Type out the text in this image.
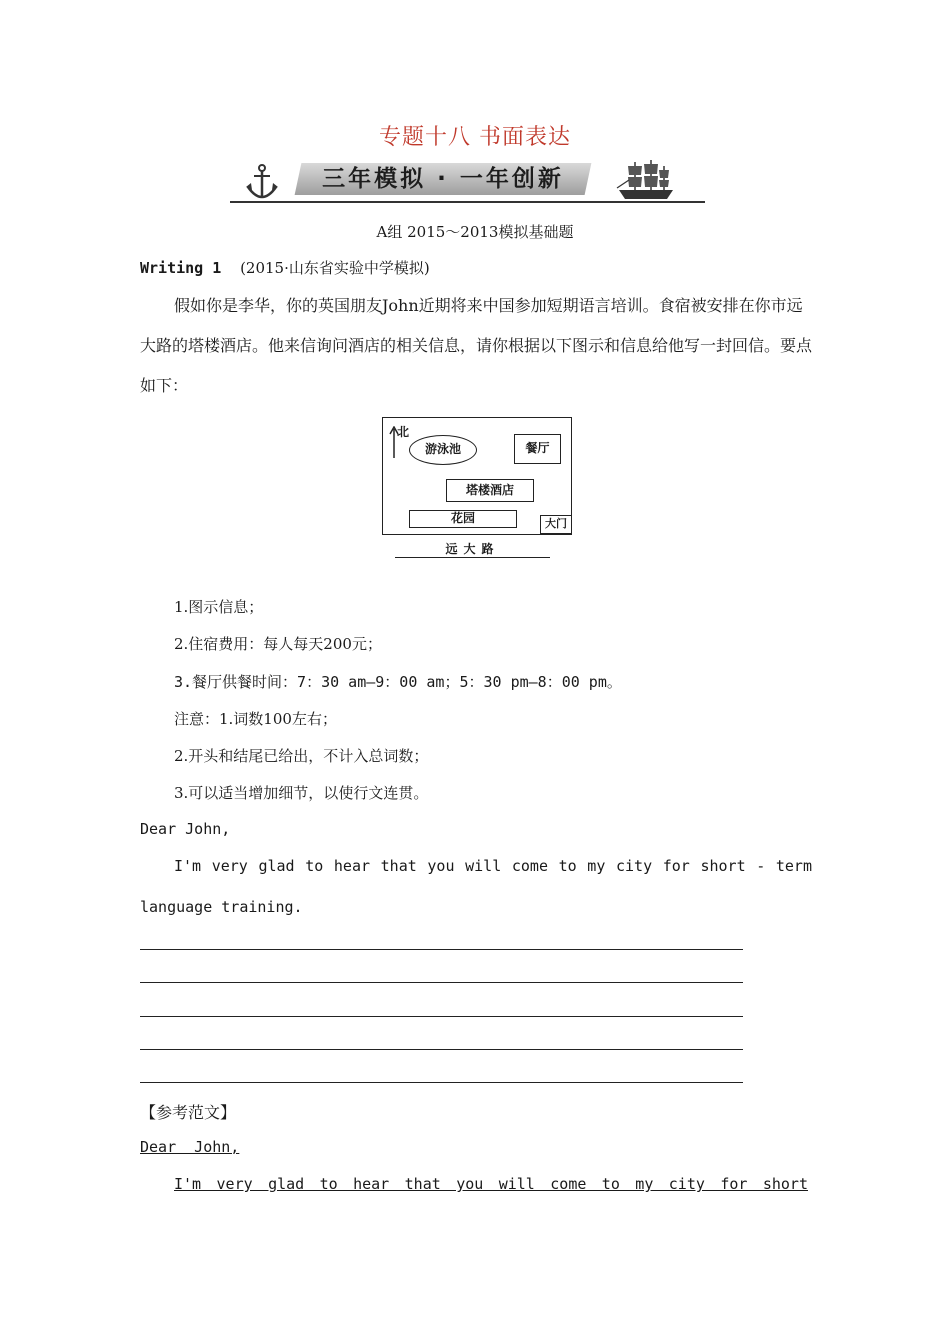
专题十八 书面表达
三年模拟 · 一年创新
A组 2015～2013模拟基础题
Writing 1 (2015·山东省实验中学模拟)
假如你是李华，你的英国朋友John近期将来中国参加短期语言培训。食宿被安排在你市远大路的塔楼酒店。他来信询问酒店的相关信息，请你根据以下图示和信息给他写一封回信。要点如下：
北
游泳池	餐厅
塔楼酒店
花园	大门
远大路
1.图示信息；
2.住宿费用：每人每天200元；
3.餐厅供餐时间：7：30 am—9：00 am；5：30 pm—8：00 pm。
注意：1.词数100左右；
2.开头和结尾已给出，不计入总词数；
3.可以适当增加细节，以使行文连贯。
Dear John,
I'm very glad to hear that you will come to my city for short - term
language training.
【参考范文】
Dear  John,
I'm very glad to hear that you will come to my city for short
